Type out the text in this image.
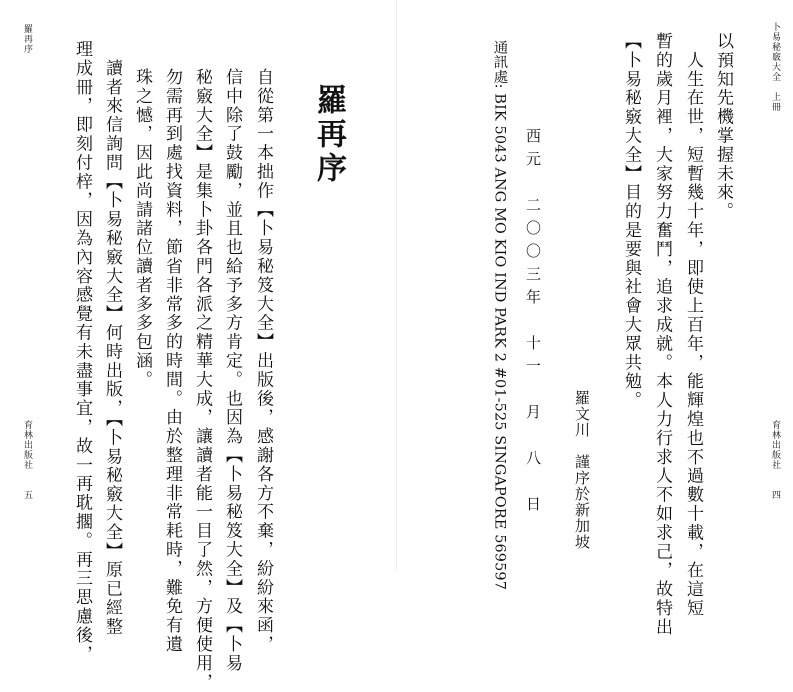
卜易秘竅大全　上冊
以預知先機掌握未來。
　人生在世，短暫幾十年，即使上百年，能輝煌也不過數十載，在這短
暫的歲月裡，大家努力奮鬥，追求成就。本人力行求人不如求己，故特出
【卜易秘竅大全】目的是要與社會大眾共勉。
羅文川　謹序於新加坡
西元　二〇〇三年　十一　月　八　日
通訊處: BIK 5043 ANG MO KIO IND PARK 2 #01-525 SINGAPORE 569597	育林出版社　　四
羅再序
自從第一本拙作【卜易秘笈大全】出版後，感謝各方不棄，紛紛來函，
信中除了鼓勵，並且也給予多方肯定。也因為【卜易秘笈大全】及【卜易
秘竅大全】是集卜卦各門各派之精華大成，讓讀者能一目了然，方便使用，
勿需再到處找資料，節省非常多的時間。由於整理非常耗時，難免有遺
珠之憾，因此尚請諸位讀者多多包涵。
　讀者來信詢問【卜易秘竅大全】何時出版，【卜易秘竅大全】原已經整
理成冊，即刻付梓，因為內容感覺有未盡事宜，故一再耽擱。再三思慮後，
羅再序
育林出版社　　五
